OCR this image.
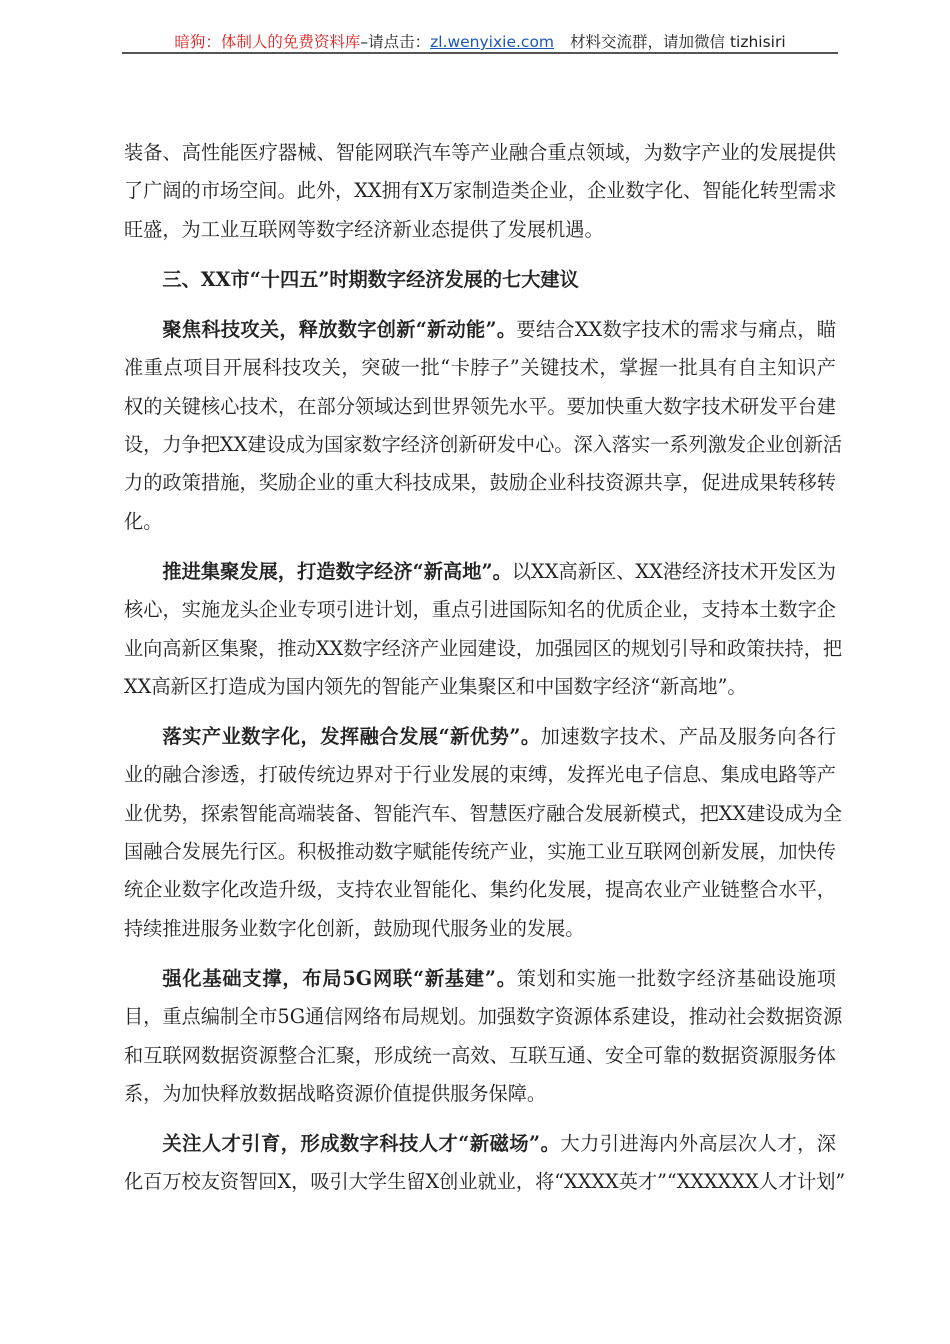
暗狗：体制人的免费资料库–请点击：zl.wenyixie.com 材料交流群，请加微信 tizhisiri
装备、高性能医疗器械、智能网联汽车等产业融合重点领域，为数字产业的发展提供
了广阔的市场空间。此外，XX拥有X万家制造类企业，企业数字化、智能化转型需求
旺盛，为工业互联网等数字经济新业态提供了发展机遇。
三、XX市“十四五”时期数字经济发展的七大建议
聚焦科技攻关，释放数字创新“新动能”。要结合XX数字技术的需求与痛点，瞄
准重点项目开展科技攻关，突破一批“卡脖子”关键技术，掌握一批具有自主知识产
权的关键核心技术，在部分领域达到世界领先水平。要加快重大数字技术研发平台建
设，力争把XX建设成为国家数字经济创新研发中心。深入落实一系列激发企业创新活
力的政策措施，奖励企业的重大科技成果，鼓励企业科技资源共享，促进成果转移转
化。
推进集聚发展，打造数字经济“新高地”。以XX高新区、XX港经济技术开发区为
核心，实施龙头企业专项引进计划，重点引进国际知名的优质企业，支持本土数字企
业向高新区集聚，推动XX数字经济产业园建设，加强园区的规划引导和政策扶持，把
XX高新区打造成为国内领先的智能产业集聚区和中国数字经济“新高地”。
落实产业数字化，发挥融合发展“新优势”。加速数字技术、产品及服务向各行
业的融合渗透，打破传统边界对于行业发展的束缚，发挥光电子信息、集成电路等产
业优势，探索智能高端装备、智能汽车、智慧医疗融合发展新模式，把XX建设成为全
国融合发展先行区。积极推动数字赋能传统产业，实施工业互联网创新发展，加快传
统企业数字化改造升级，支持农业智能化、集约化发展，提高农业产业链整合水平，
持续推进服务业数字化创新，鼓励现代服务业的发展。
强化基础支撑，布局5G网联“新基建”。策划和实施一批数字经济基础设施项
目，重点编制全市5G通信网络布局规划。加强数字资源体系建设，推动社会数据资源
和互联网数据资源整合汇聚，形成统一高效、互联互通、安全可靠的数据资源服务体
系，为加快释放数据战略资源价值提供服务保障。
关注人才引育，形成数字科技人才“新磁场”。大力引进海内外高层次人才，深
化百万校友资智回X，吸引大学生留X创业就业，将“XXXX英才”“XXXXXX人才计划”
